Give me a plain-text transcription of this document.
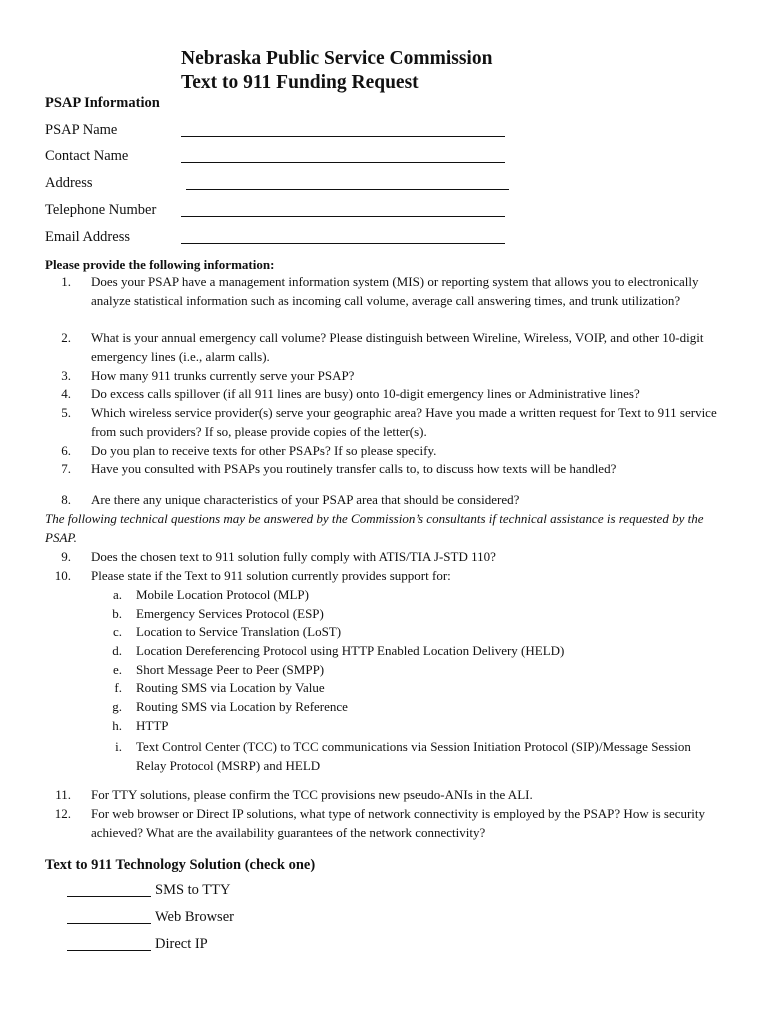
Nebraska Public Service Commission
Text to 911 Funding Request
PSAP Information
PSAP Name
Contact Name
Address
Telephone Number
Email Address
Please provide the following information:
1. Does your PSAP have a management information system (MIS) or reporting system that allows you to electronically analyze statistical information such as incoming call volume, average call answering times, and trunk utilization?
2. What is your annual emergency call volume? Please distinguish between Wireline, Wireless, VOIP, and other 10-digit emergency lines (i.e., alarm calls).
3. How many 911 trunks currently serve your PSAP?
4. Do excess calls spillover (if all 911 lines are busy) onto 10-digit emergency lines or Administrative lines?
5. Which wireless service provider(s) serve your geographic area? Have you made a written request for Text to 911 service from such providers? If so, please provide copies of the letter(s).
6. Do you plan to receive texts for other PSAPs? If so please specify.
7. Have you consulted with PSAPs you routinely transfer calls to, to discuss how texts will be handled?
8. Are there any unique characteristics of your PSAP area that should be considered?
The following technical questions may be answered by the Commission’s consultants if technical assistance is requested by the PSAP.
9. Does the chosen text to 911 solution fully comply with ATIS/TIA J-STD 110?
10. Please state if the Text to 911 solution currently provides support for:
a. Mobile Location Protocol (MLP)
b. Emergency Services Protocol (ESP)
c. Location to Service Translation (LoST)
d. Location Dereferencing Protocol using HTTP Enabled Location Delivery (HELD)
e. Short Message Peer to Peer (SMPP)
f. Routing SMS via Location by Value
g. Routing SMS via Location by Reference
h. HTTP
i. Text Control Center (TCC) to TCC communications via Session Initiation Protocol (SIP)/Message Session Relay Protocol (MSRP) and HELD
11. For TTY solutions, please confirm the TCC provisions new pseudo-ANIs in the ALI.
12. For web browser or Direct IP solutions, what type of network connectivity is employed by the PSAP? How is security achieved? What are the availability guarantees of the network connectivity?
Text to 911 Technology Solution (check one)
SMS to TTY
Web Browser
Direct IP
